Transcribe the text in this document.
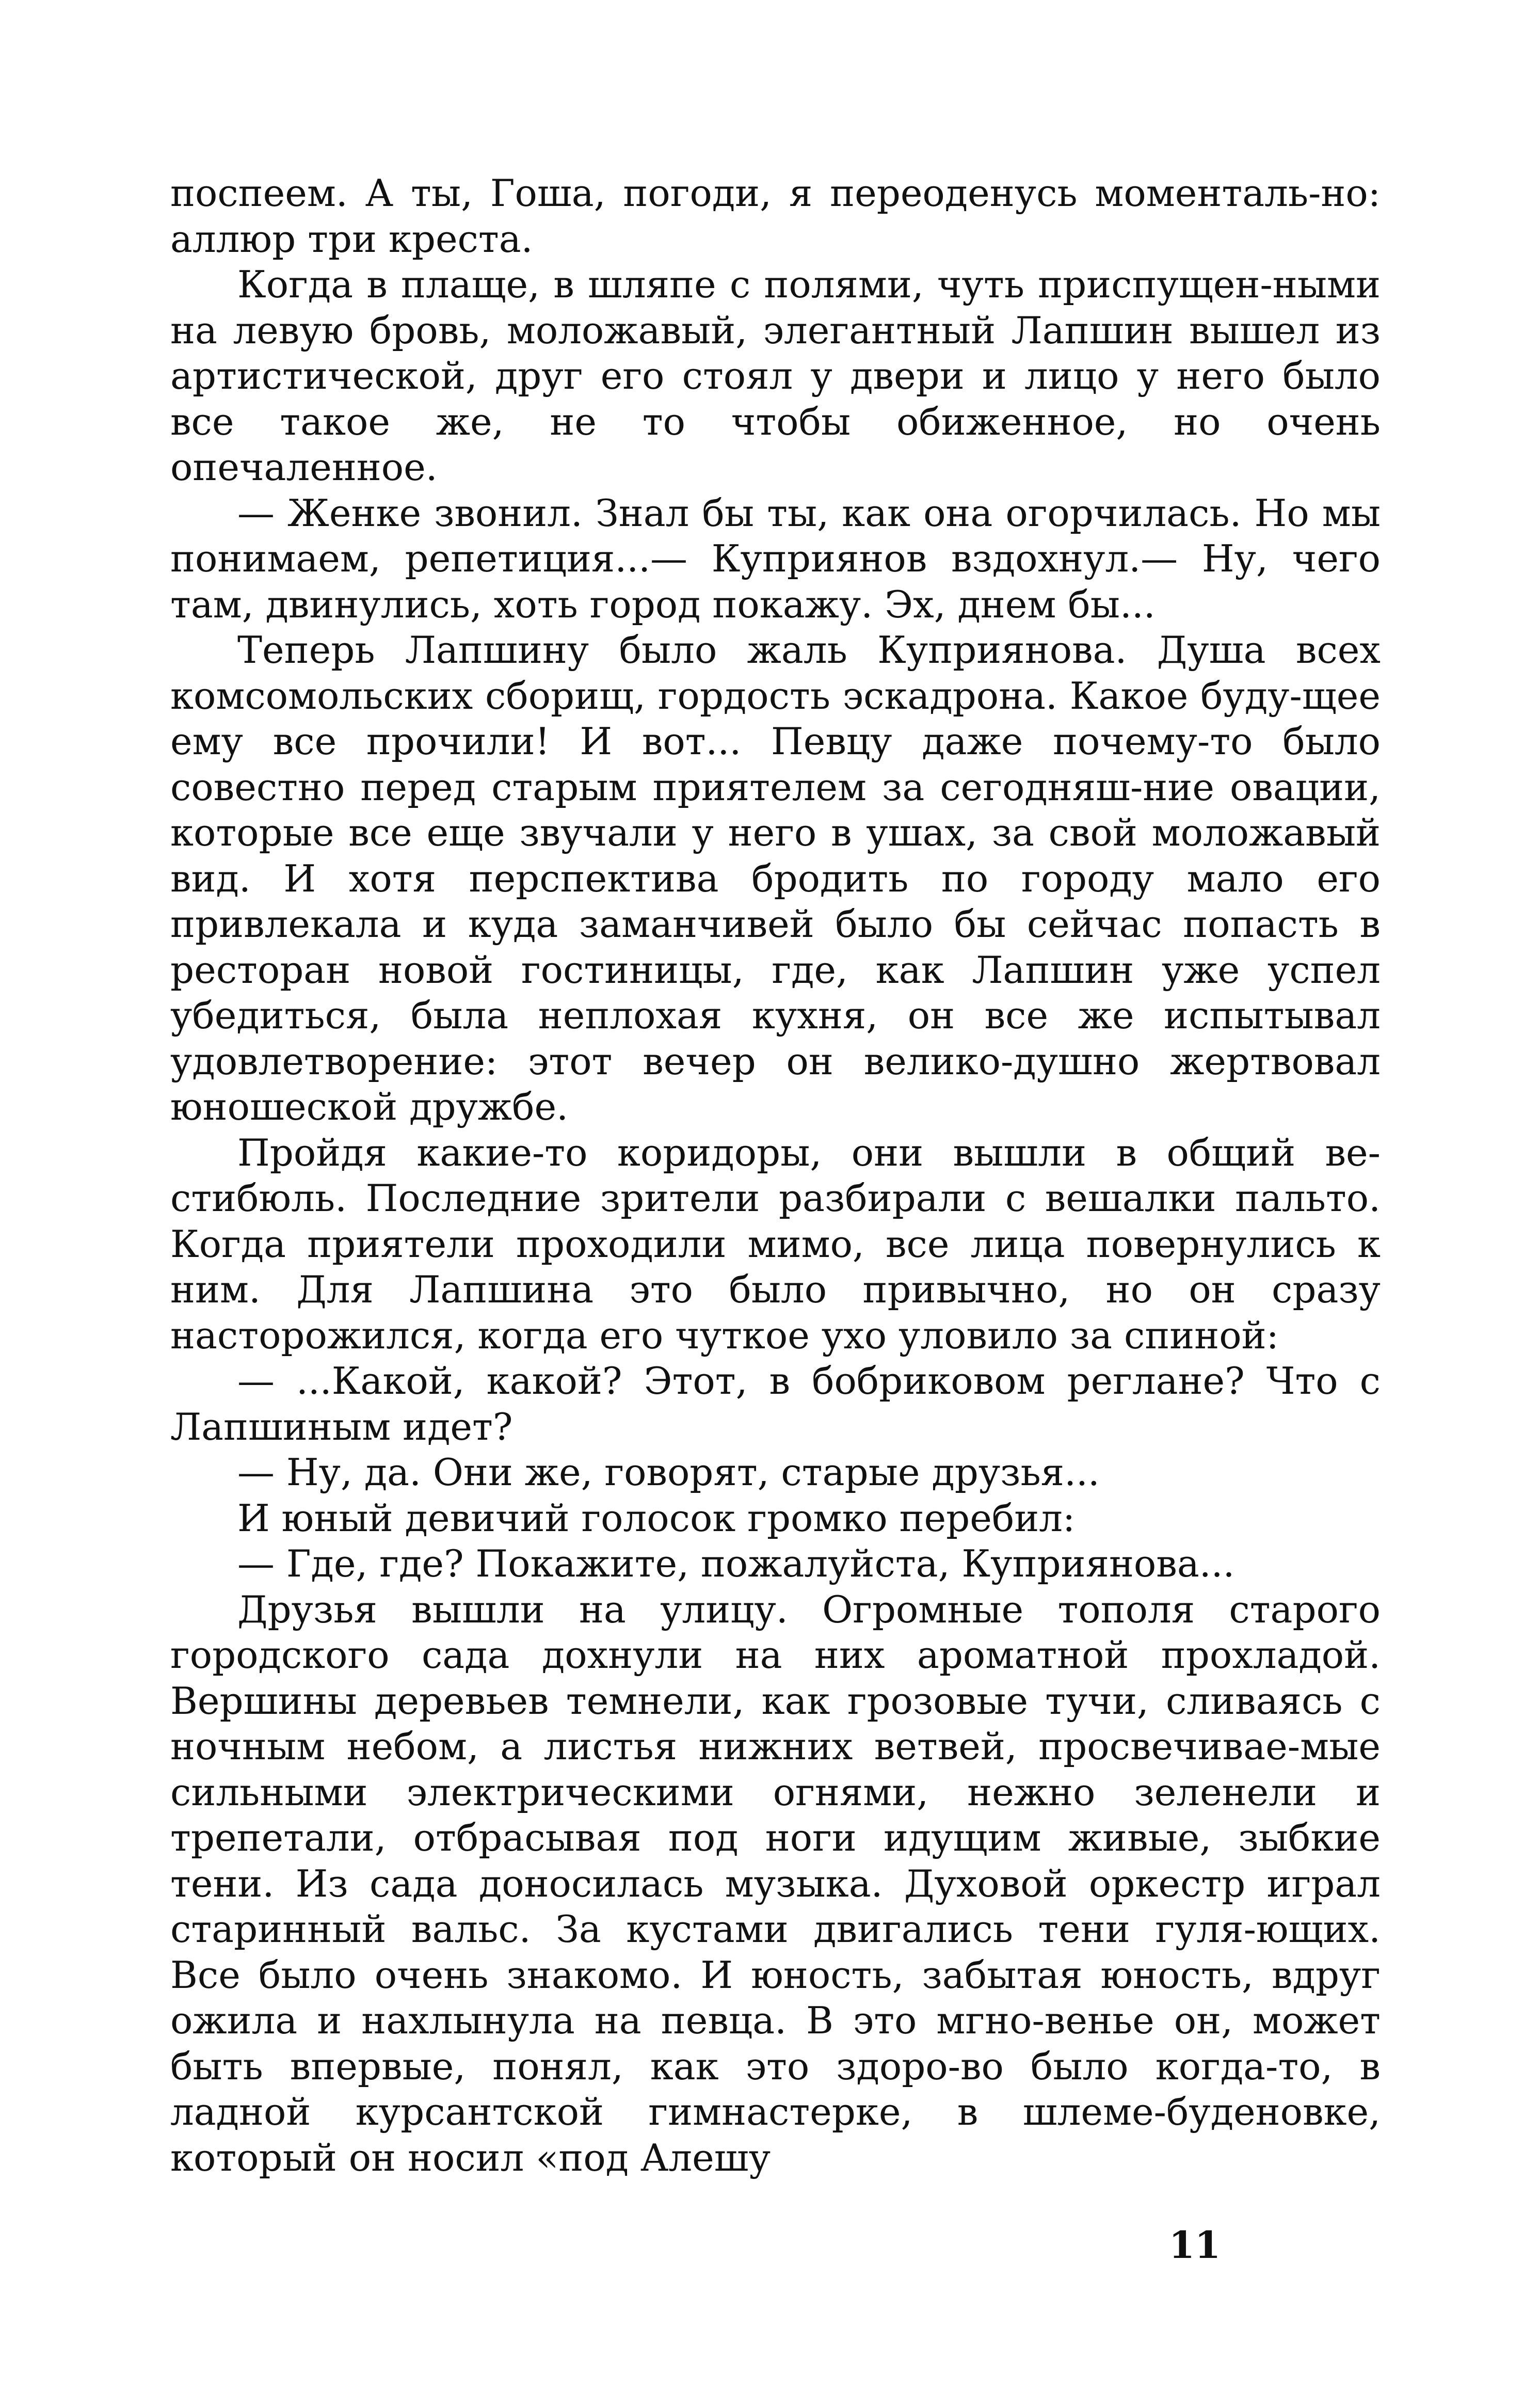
поспеем. А ты, Гоша, погоди, я переоденусь моменталь-но: аллюр три креста.

Когда в плаще, в шляпе с полями, чуть приспущен-ными на левую бровь, моложавый, элегантный Лапшин вышел из артистической, друг его стоял у двери и лицо у него было все такое же, не то чтобы обиженное, но очень опечаленное.

— Женке звонил. Знал бы ты, как она огорчилась. Но мы понимаем, репетиция...— Куприянов вздохнул.— Ну, чего там, двинулись, хоть город покажу. Эх, днем бы...

Теперь Лапшину было жаль Куприянова. Душа всех комсомольских сборищ, гордость эскадрона. Какое буду-щее ему все прочили! И вот... Певцу даже почему-то было совестно перед старым приятелем за сегодняш-ние овации, которые все еще звучали у него в ушах, за свой моложавый вид. И хотя перспектива бродить по городу мало его привлекала и куда заманчивей было бы сейчас попасть в ресторан новой гостиницы, где, как Лапшин уже успел убедиться, была неплохая кухня, он все же испытывал удовлетворение: этот вечер он велико-душно жертвовал юношеской дружбе.

Пройдя какие-то коридоры, они вышли в общий ве-стибюль. Последние зрители разбирали с вешалки пальто. Когда приятели проходили мимо, все лица повернулись к ним. Для Лапшина это было привычно, но он сразу насторожился, когда его чуткое ухо уловило за спиной:

— ...Какой, какой? Этот, в бобриковом реглане? Что с Лапшиным идет?

— Ну, да. Они же, говорят, старые друзья...

И юный девичий голосок громко перебил:

— Где, где? Покажите, пожалуйста, Куприянова...

Друзья вышли на улицу. Огромные тополя старого городского сада дохнули на них ароматной прохладой. Вершины деревьев темнели, как грозовые тучи, сливаясь с ночным небом, а листья нижних ветвей, просвечивае-мые сильными электрическими огнями, нежно зеленели и трепетали, отбрасывая под ноги идущим живые, зыбкие тени. Из сада доносилась музыка. Духовой оркестр играл старинный вальс. За кустами двигались тени гуля-ющих. Все было очень знакомо. И юность, забытая юность, вдруг ожила и нахлынула на певца. В это мгно-венье он, может быть впервые, понял, как это здоро-во было когда-то, в ладной курсантской гимнастерке, в шлеме-буденовке, который он носил «под Алешу

11
